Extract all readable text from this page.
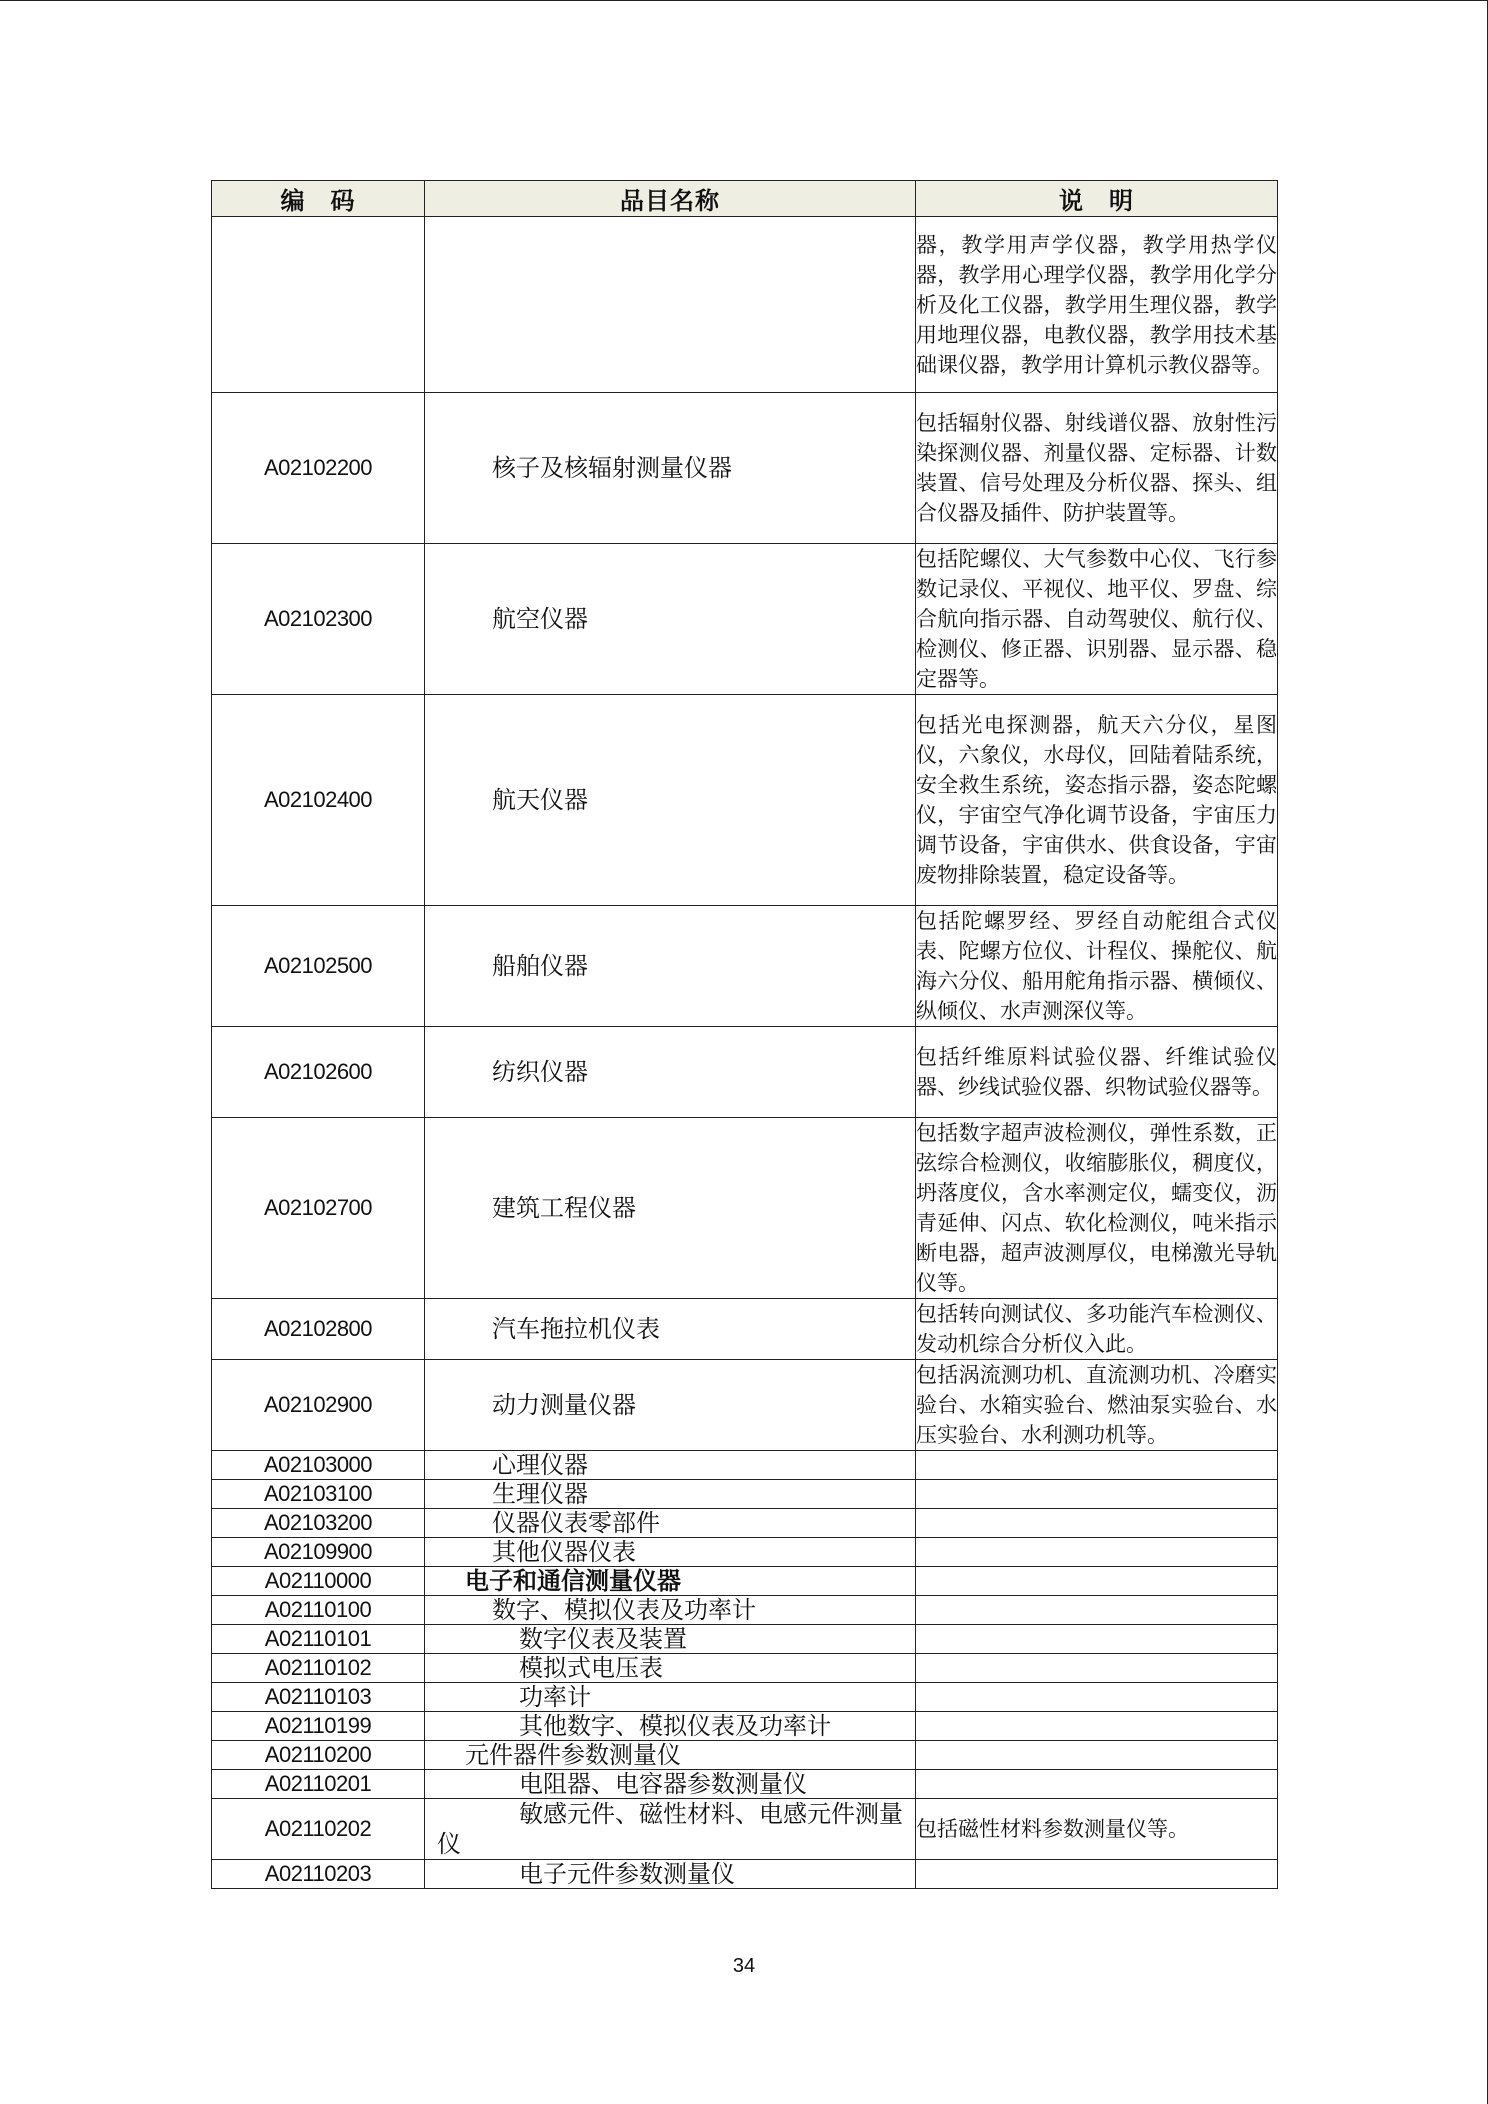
编　码	品目名称	说　明
		器，教学用声学仪器，教学用热学仪器，教学用心理学仪器，教学用化学分析及化工仪器，教学用生理仪器，教学用地理仪器，电教仪器，教学用技术基础课仪器，教学用计算机示教仪器等。
A02102200	核子及核辐射测量仪器	包括辐射仪器、射线谱仪器、放射性污染探测仪器、剂量仪器、定标器、计数装置、信号处理及分析仪器、探头、组合仪器及插件、防护装置等。
A02102300	航空仪器	包括陀螺仪、大气参数中心仪、飞行参数记录仪、平视仪、地平仪、罗盘、综合航向指示器、自动驾驶仪、航行仪、检测仪、修正器、识别器、显示器、稳定器等。
A02102400	航天仪器	包括光电探测器，航天六分仪，星图仪，六象仪，水母仪，回陆着陆系统，安全救生系统，姿态指示器，姿态陀螺仪，宇宙空气净化调节设备，宇宙压力调节设备，宇宙供水、供食设备，宇宙废物排除装置，稳定设备等。
A02102500	船舶仪器	包括陀螺罗经、罗经自动舵组合式仪表、陀螺方位仪、计程仪、操舵仪、航海六分仪、船用舵角指示器、横倾仪、纵倾仪、水声测深仪等。
A02102600	纺织仪器	包括纤维原料试验仪器、纤维试验仪器、纱线试验仪器、织物试验仪器等。
A02102700	建筑工程仪器	包括数字超声波检测仪，弹性系数，正弦综合检测仪，收缩膨胀仪，稠度仪，坍落度仪，含水率测定仪，蠕变仪，沥青延伸、闪点、软化检测仪，吨米指示断电器，超声波测厚仪，电梯激光导轨仪等。
A02102800	汽车拖拉机仪表	包括转向测试仪、多功能汽车检测仪、发动机综合分析仪入此。
A02102900	动力测量仪器	包括涡流测功机、直流测功机、冷磨实验台、水箱实验台、燃油泵实验台、水压实验台、水利测功机等。
A02103000	心理仪器	
A02103100	生理仪器	
A02103200	仪器仪表零部件	
A02109900	其他仪器仪表	
A02110000	电子和通信测量仪器	
A02110100	数字、模拟仪表及功率计	
A02110101	数字仪表及装置	
A02110102	模拟式电压表	
A02110103	功率计	
A02110199	其他数字、模拟仪表及功率计	
A02110200	元件器件参数测量仪	
A02110201	电阻器、电容器参数测量仪	
A02110202	敏感元件、磁性材料、电感元件测量仪	包括磁性材料参数测量仪等。
A02110203	电子元件参数测量仪	
34
